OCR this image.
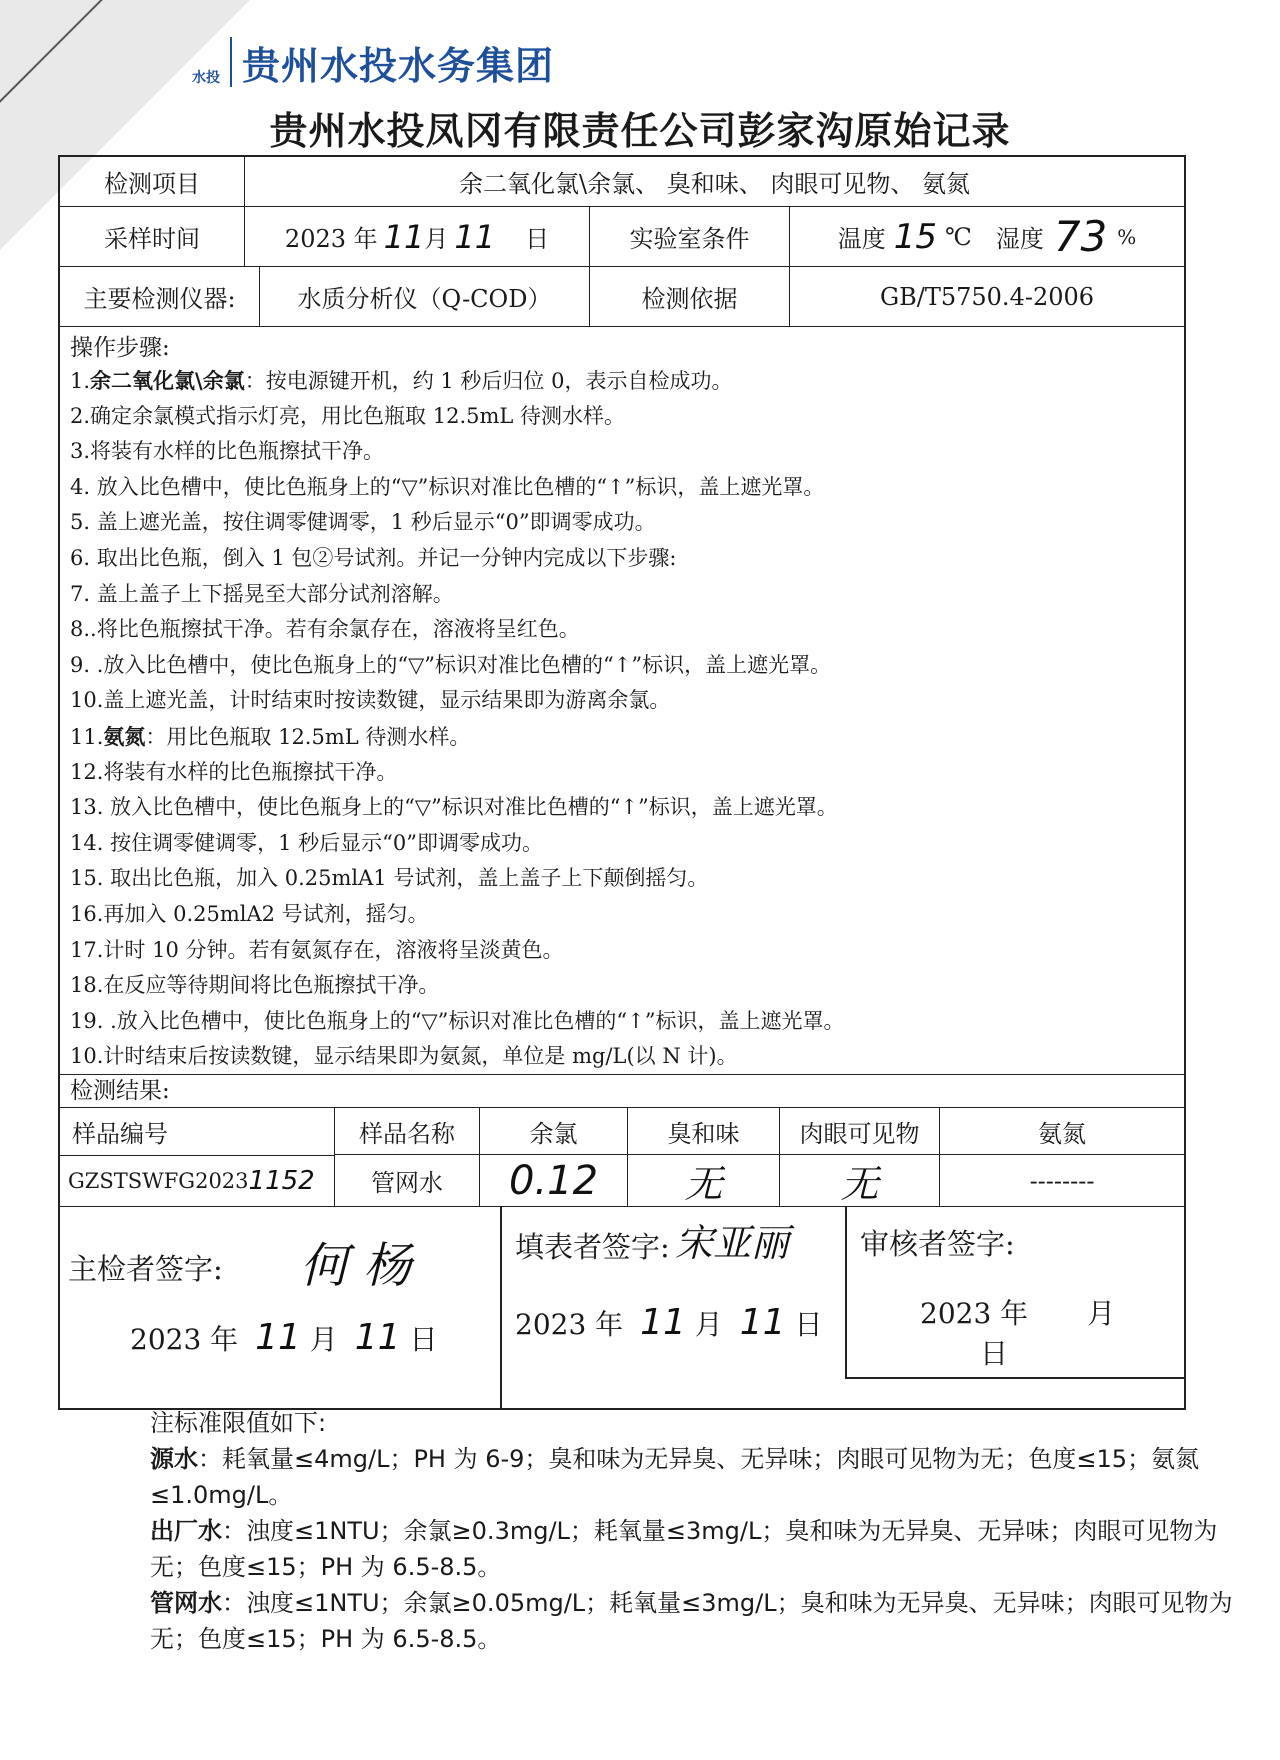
水投 贵州水投水务集团
贵州水投凤冈有限责任公司彭家沟原始记录
检测项目	余二氧化氯\余氯、 臭和味、 肉眼可见物、 氨氮
采样时间	2023 年 11 月 11 日	实验室条件	温度 15 ℃ 湿度 73 %
主要检测仪器:	水质分析仪（Q-COD）	检测依据	GB/T5750.4-2006
操作步骤:
1.余二氧化氯\余氯：按电源键开机，约 1 秒后归位 0，表示自检成功。
2.确定余氯模式指示灯亮，用比色瓶取 12.5mL 待测水样。
3.将装有水样的比色瓶擦拭干净。
4. 放入比色槽中，使比色瓶身上的“▽”标识对准比色槽的“↑”标识，盖上遮光罩。
5. 盖上遮光盖，按住调零健调零，1 秒后显示“0”即调零成功。
6. 取出比色瓶，倒入 1 包②号试剂。并记一分钟内完成以下步骤:
7. 盖上盖子上下摇晃至大部分试剂溶解。
8..将比色瓶擦拭干净。若有余氯存在，溶液将呈红色。
9. .放入比色槽中，使比色瓶身上的“▽”标识对准比色槽的“↑”标识，盖上遮光罩。
10.盖上遮光盖，计时结束时按读数键，显示结果即为游离余氯。
11.氨氮：用比色瓶取 12.5mL 待测水样。
12.将装有水样的比色瓶擦拭干净。
13. 放入比色槽中，使比色瓶身上的“▽”标识对准比色槽的“↑”标识，盖上遮光罩。
14. 按住调零健调零，1 秒后显示“0”即调零成功。
15. 取出比色瓶，加入 0.25mlA1 号试剂，盖上盖子上下颠倒摇匀。
16.再加入 0.25mlA2 号试剂，摇匀。
17.计时 10 分钟。若有氨氮存在，溶液将呈淡黄色。
18.在反应等待期间将比色瓶擦拭干净。
19. .放入比色槽中，使比色瓶身上的“▽”标识对准比色槽的“↑”标识，盖上遮光罩。
10.计时结束后按读数键，显示结果即为氨氮，单位是 mg/L(以 N 计)。
检测结果:
样品编号	样品名称	余氯	臭和味	肉眼可见物	氨氮
GZSTSWFG2023 1152	管网水	0.12	无	无	--------
主检者签字: 何 杨
2023 年 11 月 11 日
填表者签字: 宋亚丽
2023 年 11 月 11 日
审核者签字:
2023 年 月 日
注标准限值如下:
源水：耗氧量≤4mg/L；PH 为 6-9；臭和味为无异臭、无异味；肉眼可见物为无；色度≤15；氨氮≤1.0mg/L。
出厂水：浊度≤1NTU；余氯≥0.3mg/L；耗氧量≤3mg/L；臭和味为无异臭、无异味；肉眼可见物为无；色度≤15；PH 为 6.5-8.5。
管网水：浊度≤1NTU；余氯≥0.05mg/L；耗氧量≤3mg/L；臭和味为无异臭、无异味；肉眼可见物为无；色度≤15；PH 为 6.5-8.5。
